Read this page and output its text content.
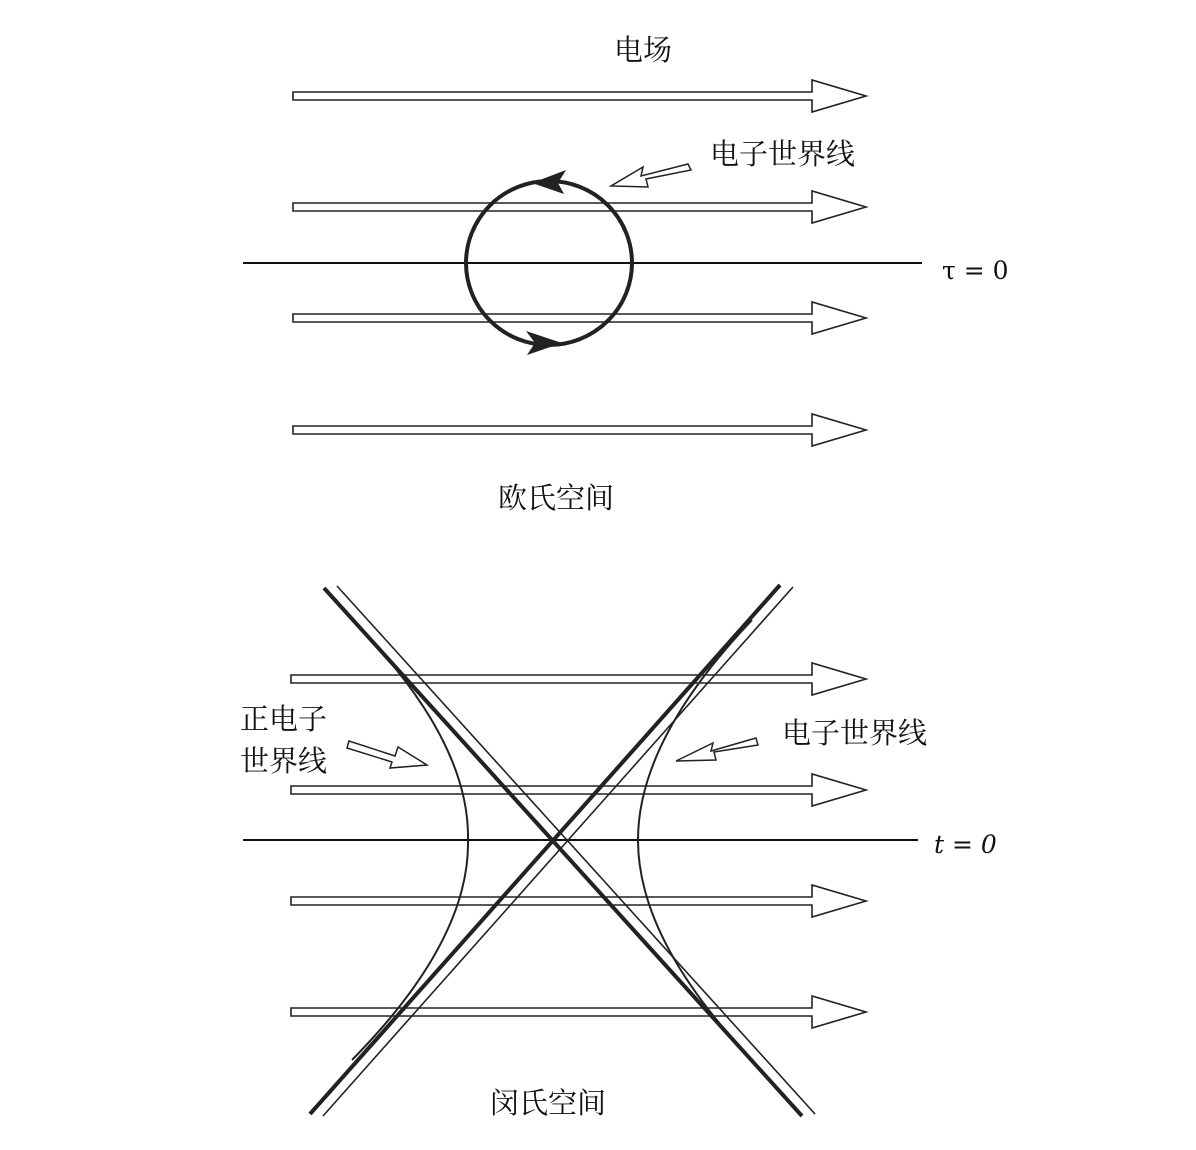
电场
τ = 0
电子世界线
欧氏空间
t = 0
正电子
世界线
电子世界线
闵氏空间
